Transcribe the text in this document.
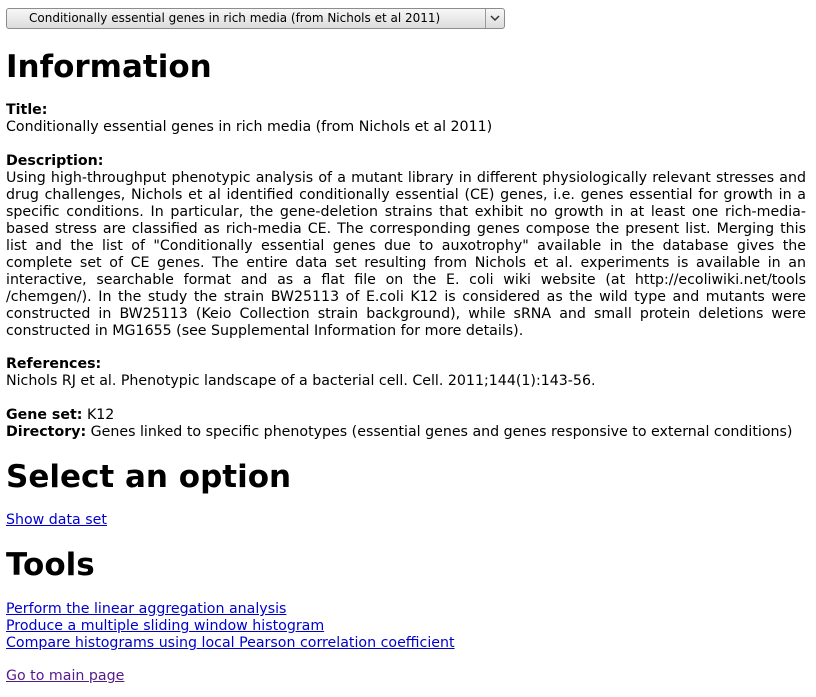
Conditionally essential genes in rich media (from Nichols et al 2011)
Information
Title:
Conditionally essential genes in rich media (from Nichols et al 2011)
Description:
Using high-throughput phenotypic analysis of a mutant library in different physiologically relevant stresses and drug challenges, Nichols et al identified conditionally essential (CE) genes, i.e. genes essential for growth in a specific conditions. In particular, the gene-deletion strains that exhibit no growth in at least one rich-media-based stress are classified as rich-media CE. The corresponding genes compose the present list. Merging this list and the list of "Conditionally essential genes due to auxotrophy" available in the database gives the complete set of CE genes. The entire data set resulting from Nichols et al. experiments is available in an interactive, searchable format and as a flat file on the E. coli wiki website (at http://ecoliwiki.net/tools /chemgen/). In the study the strain BW25113 of E.coli K12 is considered as the wild type and mutants were constructed in BW25113 (Keio Collection strain background), while sRNA and small protein deletions were constructed in MG1655 (see Supplemental Information for more details).
References:
Nichols RJ et al. Phenotypic landscape of a bacterial cell. Cell. 2011;144(1):143-56.
Gene set: K12
Directory: Genes linked to specific phenotypes (essential genes and genes responsive to external conditions)
Select an option
Show data set
Tools
Perform the linear aggregation analysis
Produce a multiple sliding window histogram
Compare histograms using local Pearson correlation coefficient
Go to main page
